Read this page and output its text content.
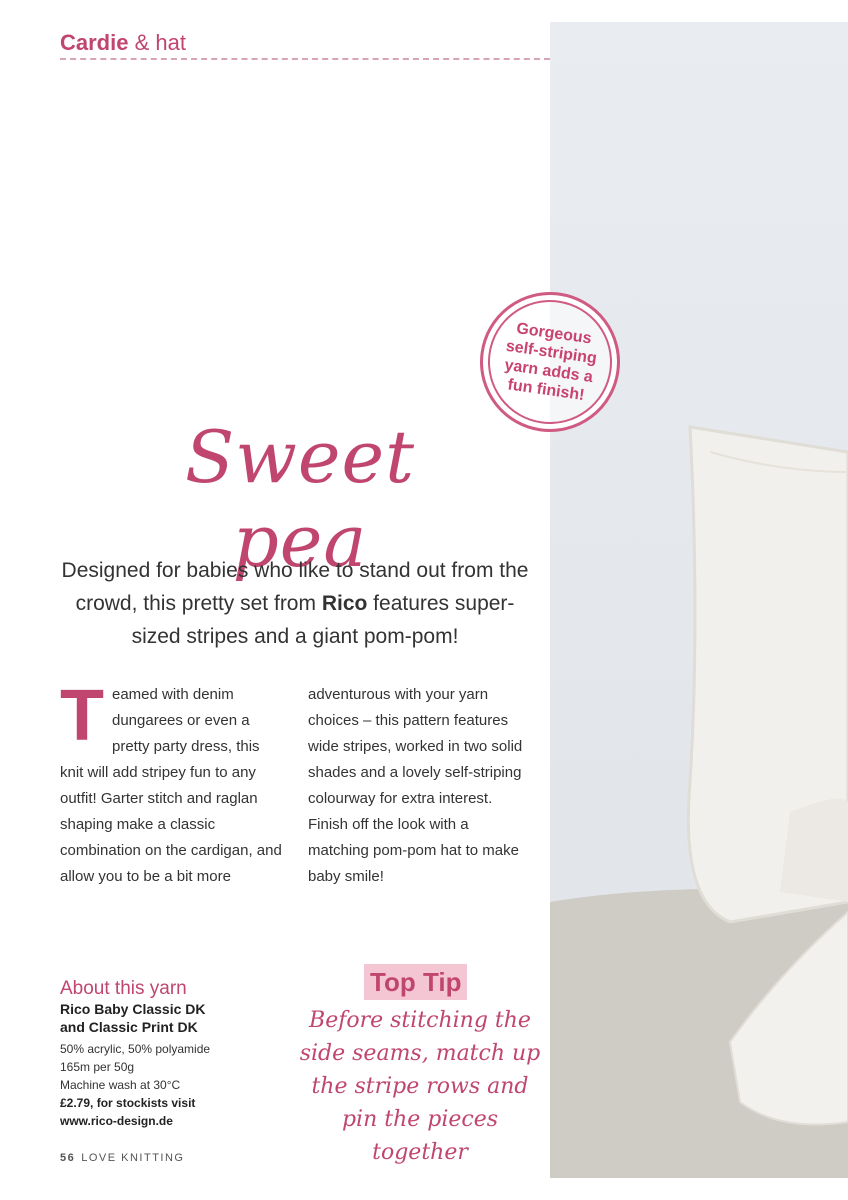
Cardie & hat
Gorgeous
self-striping
yarn adds a
fun finish!
Sweet pea
Designed for babies who like to stand out from the crowd, this pretty set from Rico features super-sized stripes and a giant pom-pom!
Teamed with denim dungarees or even a pretty party dress, this knit will add stripey fun to any outfit! Garter stitch and raglan shaping make a classic combination on the cardigan, and allow you to be a bit more
adventurous with your yarn choices – this pattern features wide stripes, worked in two solid shades and a lovely self-striping colourway for extra interest. Finish off the look with a matching pom-pom hat to make baby smile!
About this yarn
Rico Baby Classic DK
and Classic Print DK
50% acrylic, 50% polyamide
165m per 50g
Machine wash at 30°C
£2.79, for stockists visit
www.rico-design.de
Top Tip
Before stitching the side seams, match up the stripe rows and pin the pieces together
56 LOVE KNITTING
